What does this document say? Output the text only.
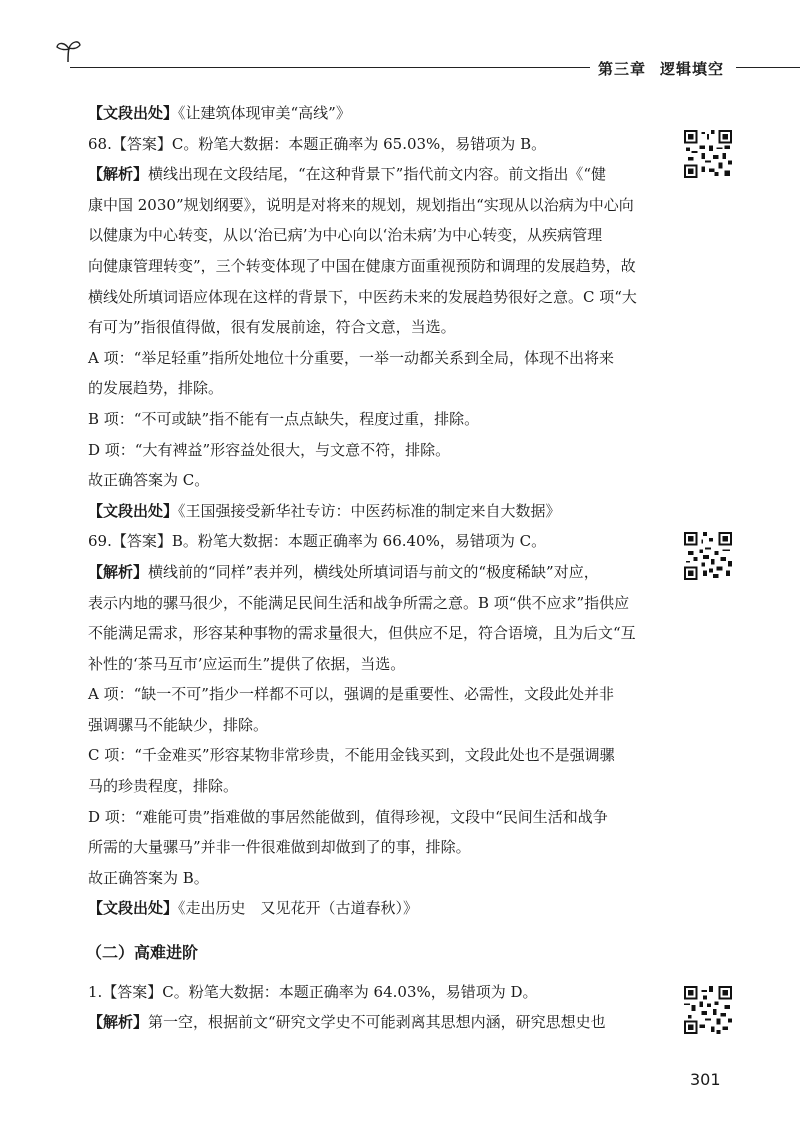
第三章 逻辑填空

【文段出处】《让建筑体现审美“高线”》

68.【答案】C。粉笔大数据：本题正确率为 65.03%，易错项为 B。

【解析】横线出现在文段结尾，“在这种背景下”指代前文内容。前文指出《“健

康中国 2030”规划纲要》，说明是对将来的规划，规划指出“实现从以治病为中心向

以健康为中心转变，从以‘治已病’为中心向以‘治未病’为中心转变，从疾病管理

向健康管理转变”，三个转变体现了中国在健康方面重视预防和调理的发展趋势，故

横线处所填词语应体现在这样的背景下，中医药未来的发展趋势很好之意。C 项“大

有可为”指很值得做，很有发展前途，符合文意，当选。

A 项：“举足轻重”指所处地位十分重要，一举一动都关系到全局，体现不出将来

的发展趋势，排除。

B 项：“不可或缺”指不能有一点点缺失，程度过重，排除。

D 项：“大有裨益”形容益处很大，与文意不符，排除。

故正确答案为 C。

【文段出处】《王国强接受新华社专访：中医药标准的制定来自大数据》

69.【答案】B。粉笔大数据：本题正确率为 66.40%，易错项为 C。

【解析】横线前的“同样”表并列，横线处所填词语与前文的“极度稀缺”对应，

表示内地的骡马很少，不能满足民间生活和战争所需之意。B 项“供不应求”指供应

不能满足需求，形容某种事物的需求量很大，但供应不足，符合语境，且为后文“互

补性的‘茶马互市’应运而生”提供了依据，当选。

A 项：“缺一不可”指少一样都不可以，强调的是重要性、必需性，文段此处并非

强调骡马不能缺少，排除。

C 项：“千金难买”形容某物非常珍贵，不能用金钱买到，文段此处也不是强调骡

马的珍贵程度，排除。

D 项：“难能可贵”指难做的事居然能做到，值得珍视，文段中“民间生活和战争

所需的大量骡马”并非一件很难做到却做到了的事，排除。

故正确答案为 B。

【文段出处】《走出历史　又见花开（古道春秋）》

（二）高难进阶

1.【答案】C。粉笔大数据：本题正确率为 64.03%，易错项为 D。

【解析】第一空，根据前文“研究文学史不可能剥离其思想内涵，研究思想史也

301
